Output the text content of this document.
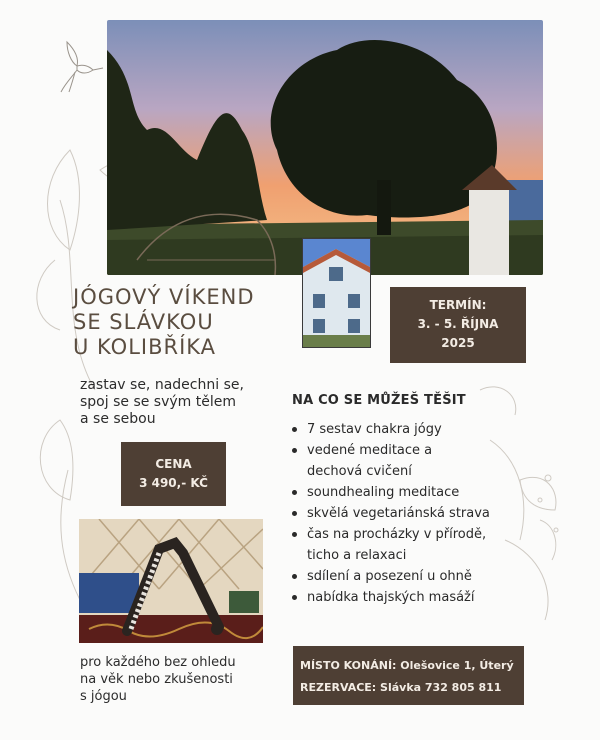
JÓGOVÝ VÍKEND
SE SLÁVKOU
U KOLIBŘÍKA
zastav se, nadechni se,
spoj se se svým tělem
a se sebou
TERMÍN:
3. - 5. ŘÍJNA
2025
CENA
3 490,- KČ
NA CO SE MŮŽEŠ TĚŠIT
7 sestav chakra jógy
vedené meditace a
dechová cvičení
soundhealing meditace
skvělá vegetariánská strava
čas na procházky v přírodě,
ticho a relaxaci
sdílení a posezení u ohně
nabídka thajských masáží
pro každého bez ohledu
na věk nebo zkušenosti
s jógou
MÍSTO KONÁNÍ: Olešovice 1, Úterý
REZERVACE: Slávka 732 805 811
